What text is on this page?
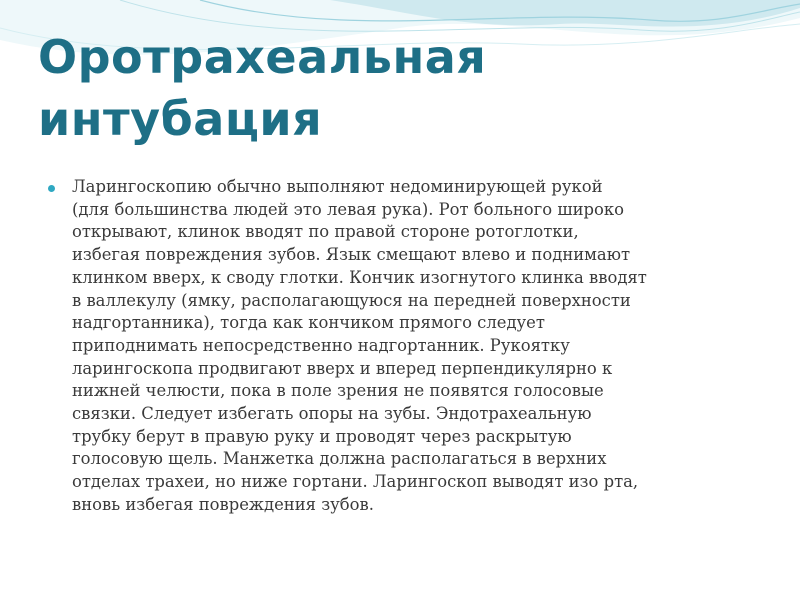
Оротрахеальная
интубация

Ларингоскопию обычно выполняют недоминирующей рукой
(для большинства людей это левая рука). Рот больного широко
открывают, клинок вводят по правой стороне ротоглотки,
избегая повреждения зубов. Язык смещают влево и поднимают
клинком вверх, к своду глотки. Кончик изогнутого клинка вводят
в валлекулу (ямку, располагающуюся на передней поверхности
надгортанника), тогда как кончиком прямого следует
приподнимать непосредственно надгортанник. Рукоятку
ларингоскопа продвигают вверх и вперед перпендикулярно к
нижней челюсти, пока в поле зрения не появятся голосовые
связки. Следует избегать опоры на зубы. Эндотрахеальную
трубку берут в правую руку и проводят через раскрытую
голосовую щель. Манжетка должна располагаться в верхних
отделах трахеи, но ниже гортани. Ларингоскоп выводят изо рта,
вновь избегая повреждения зубов.
